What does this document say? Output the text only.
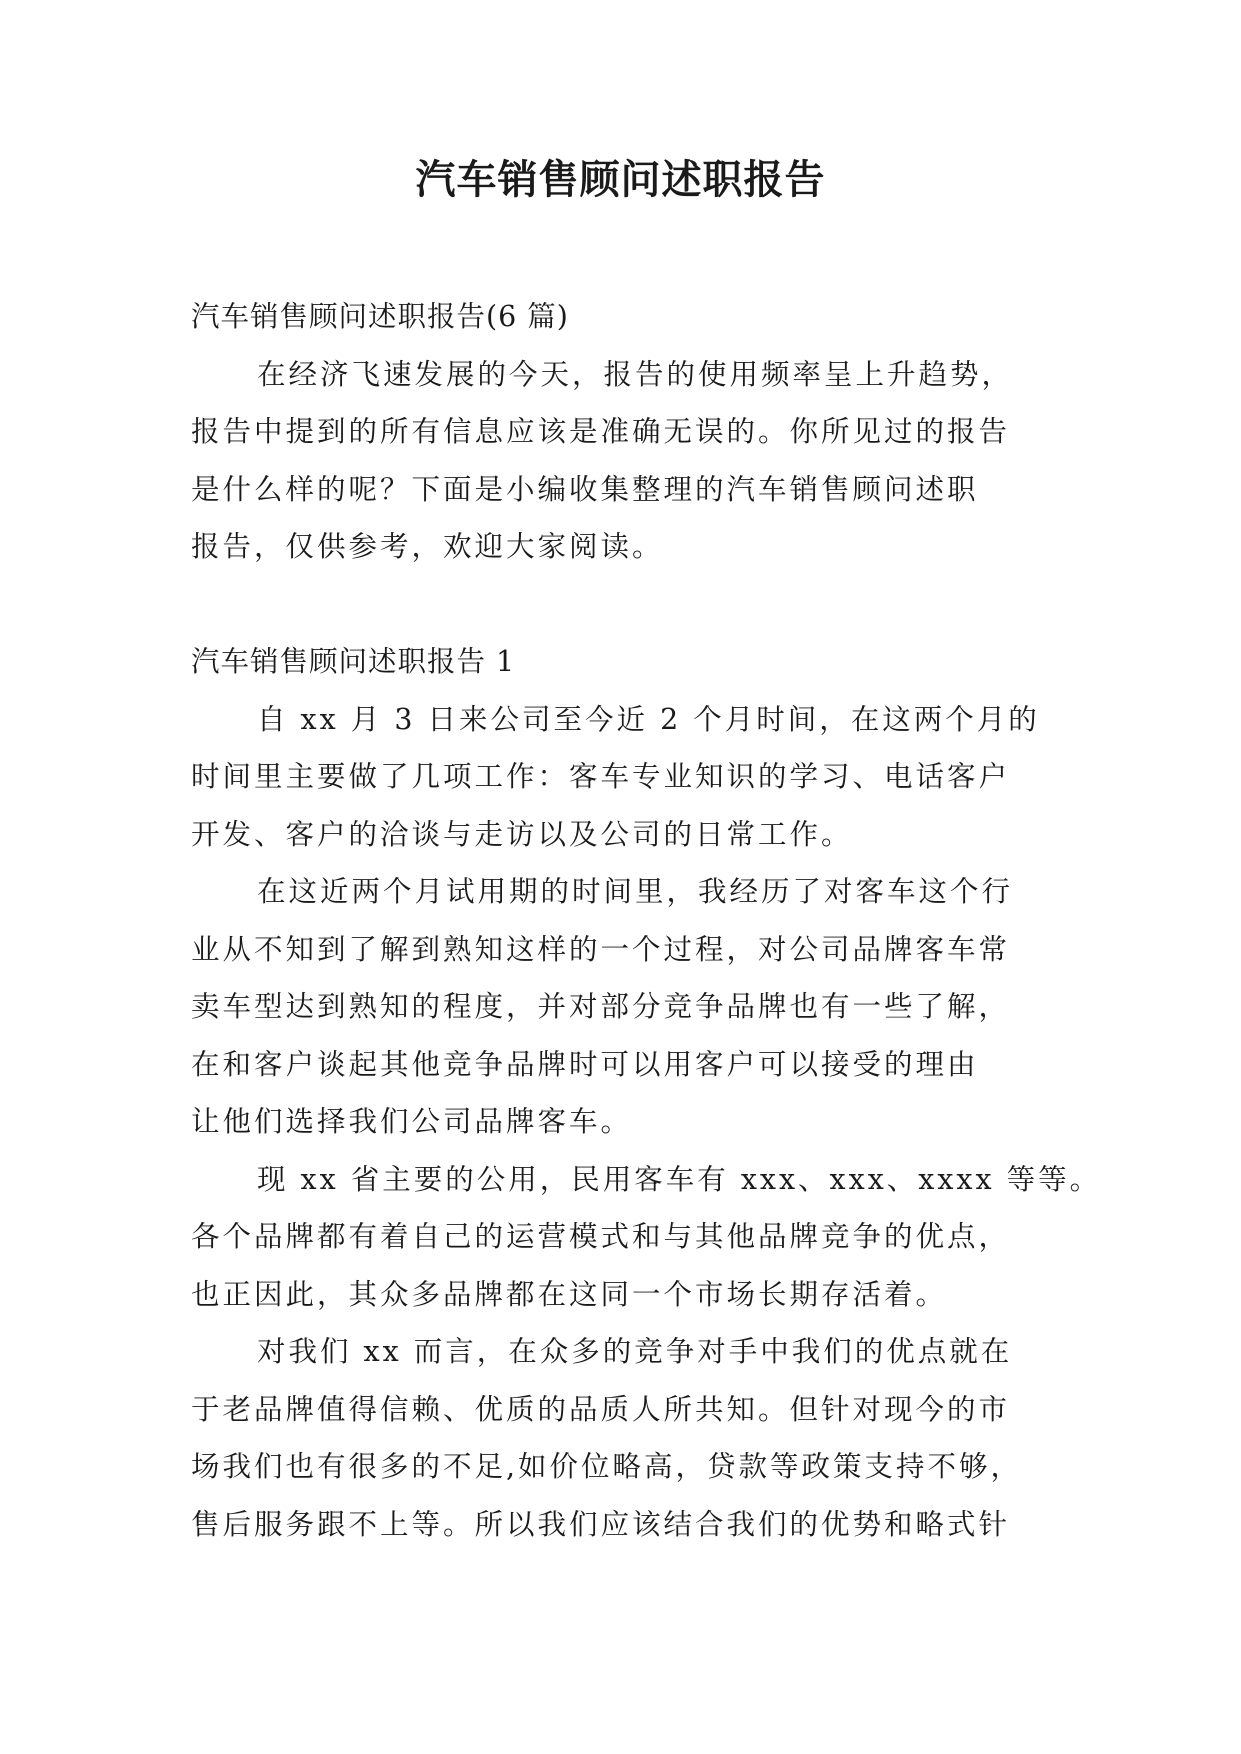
汽车销售顾问述职报告
汽车销售顾问述职报告(6 篇)
在经济飞速发展的今天，报告的使用频率呈上升趋势，
报告中提到的所有信息应该是准确无误的。你所见过的报告
是什么样的呢？下面是小编收集整理的汽车销售顾问述职
报告，仅供参考，欢迎大家阅读。
汽车销售顾问述职报告 1
自 xx 月 3 日来公司至今近 2 个月时间，在这两个月的
时间里主要做了几项工作：客车专业知识的学习、电话客户
开发、客户的洽谈与走访以及公司的日常工作。
在这近两个月试用期的时间里，我经历了对客车这个行
业从不知到了解到熟知这样的一个过程，对公司品牌客车常
卖车型达到熟知的程度，并对部分竞争品牌也有一些了解，
在和客户谈起其他竞争品牌时可以用客户可以接受的理由
让他们选择我们公司品牌客车。
现 xx 省主要的公用，民用客车有 xxx、xxx、xxxx 等等。
各个品牌都有着自己的运营模式和与其他品牌竞争的优点，
也正因此，其众多品牌都在这同一个市场长期存活着。
对我们 xx 而言，在众多的竞争对手中我们的优点就在
于老品牌值得信赖、优质的品质人所共知。但针对现今的市
场我们也有很多的不足,如价位略高，贷款等政策支持不够，
售后服务跟不上等。所以我们应该结合我们的优势和略式针
